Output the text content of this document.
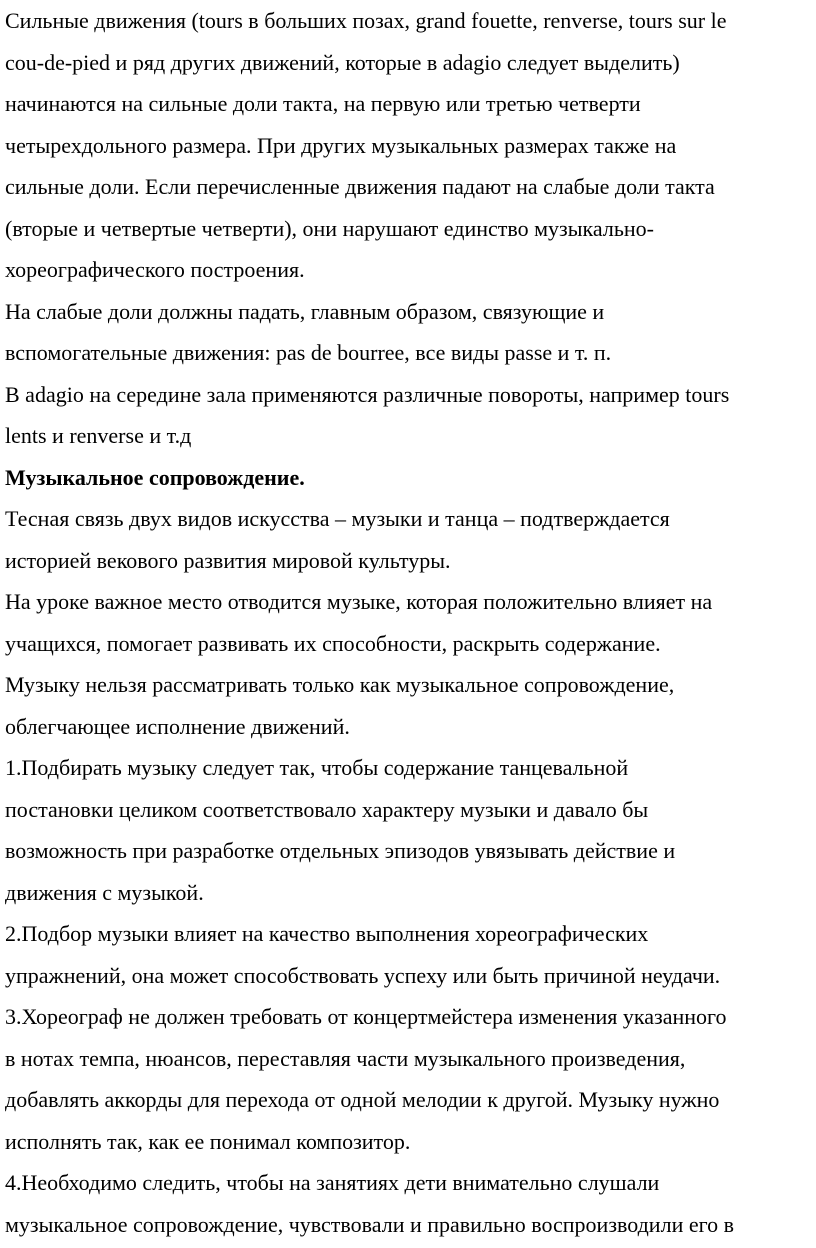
Сильные движения (tours в больших позах, grand fouette, renverse, tours sur le

cou-de-pied и ряд других движений, которые в adagio следует выделить)

начинаются на сильные доли такта, на первую или третью четверти

четырехдольного размера. При других музыкальных размерах также на

сильные доли. Если перечисленные движения падают на слабые доли такта

(вторые и четвертые четверти), они нарушают единство музыкально-

хореографического построения.

На слабые доли должны падать, главным образом, связующие и

вспомогательные движения: pas de bourree, все виды passe и т. п.

В adagio на середине зала применяются различные повороты, например tours

lents и renverse и т.д

Музыкальное сопровождение.

Тесная связь двух видов искусства – музыки и танца – подтверждается

историей векового развития мировой культуры.

На уроке важное место отводится музыке, которая положительно влияет на

учащихся, помогает развивать их способности, раскрыть содержание.

Музыку нельзя рассматривать только как музыкальное сопровождение,

облегчающее исполнение движений.

1.Подбирать музыку следует так, чтобы содержание танцевальной

постановки целиком соответствовало характеру музыки и давало бы

возможность при разработке отдельных эпизодов увязывать действие и

движения с музыкой.

2.Подбор музыки влияет на качество выполнения хореографических

упражнений, она может способствовать успеху или быть причиной неудачи.

3.Хореограф не должен требовать от концертмейстера изменения указанного

в нотах темпа, нюансов, переставляя части музыкального произведения,

добавлять аккорды для перехода от одной мелодии к другой. Музыку нужно

исполнять так, как ее понимал композитор.

4.Необходимо следить, чтобы на занятиях дети внимательно слушали

музыкальное сопровождение, чувствовали и правильно воспроизводили его в
